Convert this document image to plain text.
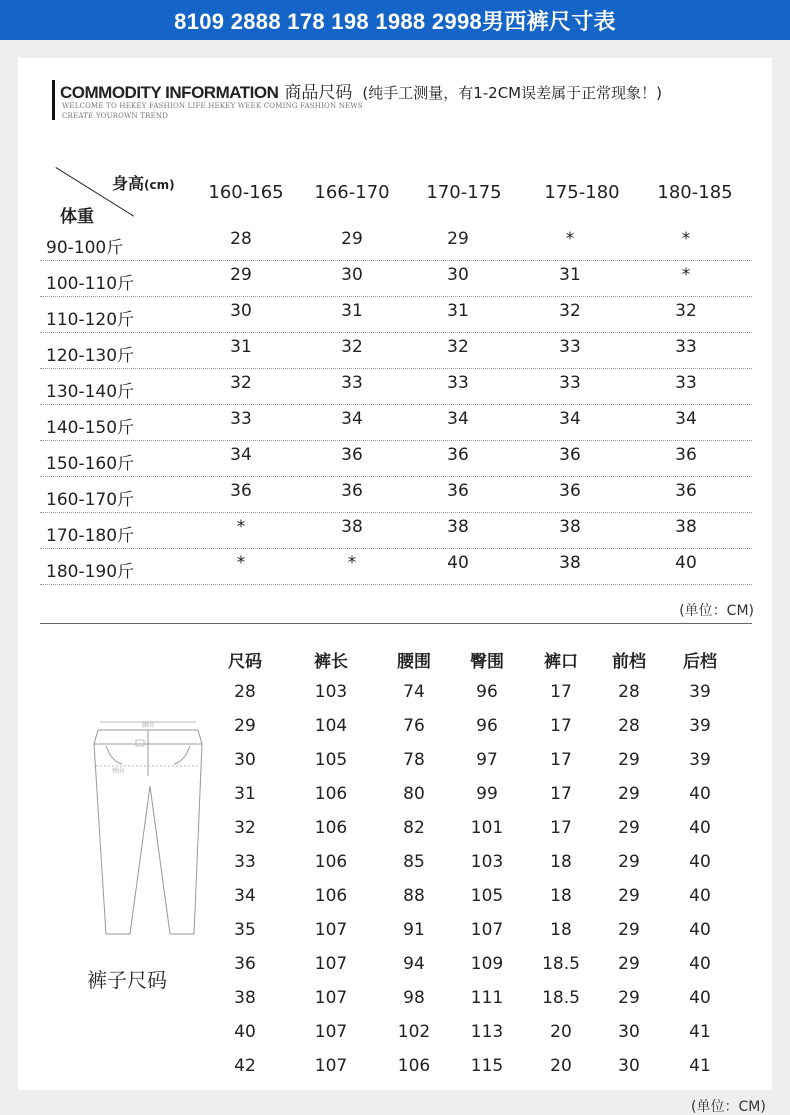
8109 2888 178 198 1988 2998男西裤尺寸表
COMMODITY INFORMATION 商品尺码 (纯手工测量，有1-2CM误差属于正常现象！)
WELCOME TO HEKEY FASHION LIFE HEKEY WEEK COMING FASHION NEWS
CREATE YOUROWN TREND
身高(cm)
体重
160-165 166-170 170-175 175-180 180-185
90-100斤	28	29	29	*	*
100-110斤	29	30	30	31	*
110-120斤	30	31	31	32	32
120-130斤	31	32	32	33	33
130-140斤	32	33	33	33	33
140-150斤	33	34	34	34	34
150-160斤	34	36	36	36	36
160-170斤	36	36	36	36	36
170-180斤	*	38	38	38	38
180-190斤	*	*	40	38	40
(单位：CM)
腰围
臀围
裤子尺码
尺码	裤长	腰围 臀围 裤口 前档 后档
28	103	74	96	17	28	39
29	104	76	96	17	28	39
30	105	78	97	17	29	39
31	106	80	99	17	29	40
32	106	82	101	17	29	40
33	106	85	103	18	29	40
34	106	88	105	18	29	40
35	107	91	107	18	29	40
36	107	94	109 18.5 29	40
38	107	98	111 18.5 29	40
40	107	102 113	20	30	41
42	107	106 115	20	30	41
(单位：CM)
